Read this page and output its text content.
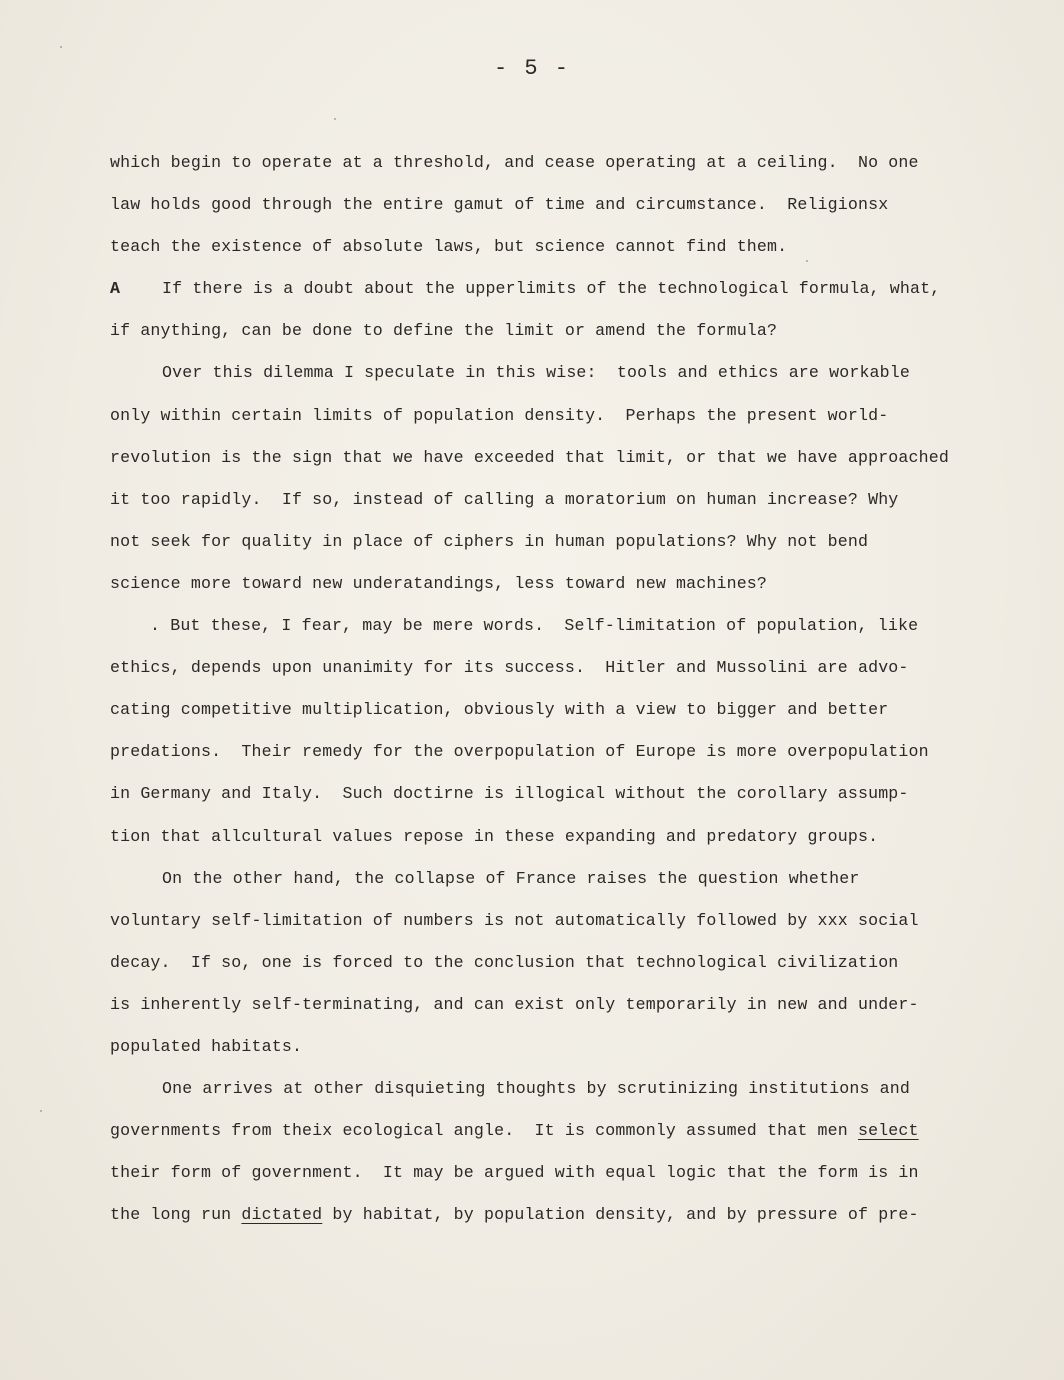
- 5 -
which begin to operate at a threshold, and cease operating at a ceiling.  No one
law holds good through the entire gamut of time and circumstance.  Religionsx
teach the existence of absolute laws, but science cannot find them.
A	If there is a doubt about the upperlimits of the technological formula, what,
if anything, can be done to define the limit or amend the formula?
Over this dilemma I speculate in this wise:  tools and ethics are workable
only within certain limits of population density.  Perhaps the present world-
revolution is the sign that we have exceeded that limit, or that we have approached
it too rapidly.  If so, instead of calling a moratorium on human increase? Why
not seek for quality in place of ciphers in human populations? Why not bend
science more toward new underatandings, less toward new machines?
. But these, I fear, may be mere words.  Self-limitation of population, like
ethics, depends upon unanimity for its success.  Hitler and Mussolini are advo-
cating competitive multiplication, obviously with a view to bigger and better
predations.  Their remedy for the overpopulation of Europe is more overpopulation
in Germany and Italy.  Such doctirne is illogical without the corollary assump-
tion that allcultural values repose in these expanding and predatory groups.
On the other hand, the collapse of France raises the question whether
voluntary self-limitation of numbers is not automatically followed by xxx social
decay.  If so, one is forced to the conclusion that technological civilization
is inherently self-terminating, and can exist only temporarily in new and under-
populated habitats.
One arrives at other disquieting thoughts by scrutinizing institutions and
governments from theix ecological angle.  It is commonly assumed that men select
their form of government.  It may be argued with equal logic that the form is in
the long run dictated by habitat, by population density, and by pressure of pre-
